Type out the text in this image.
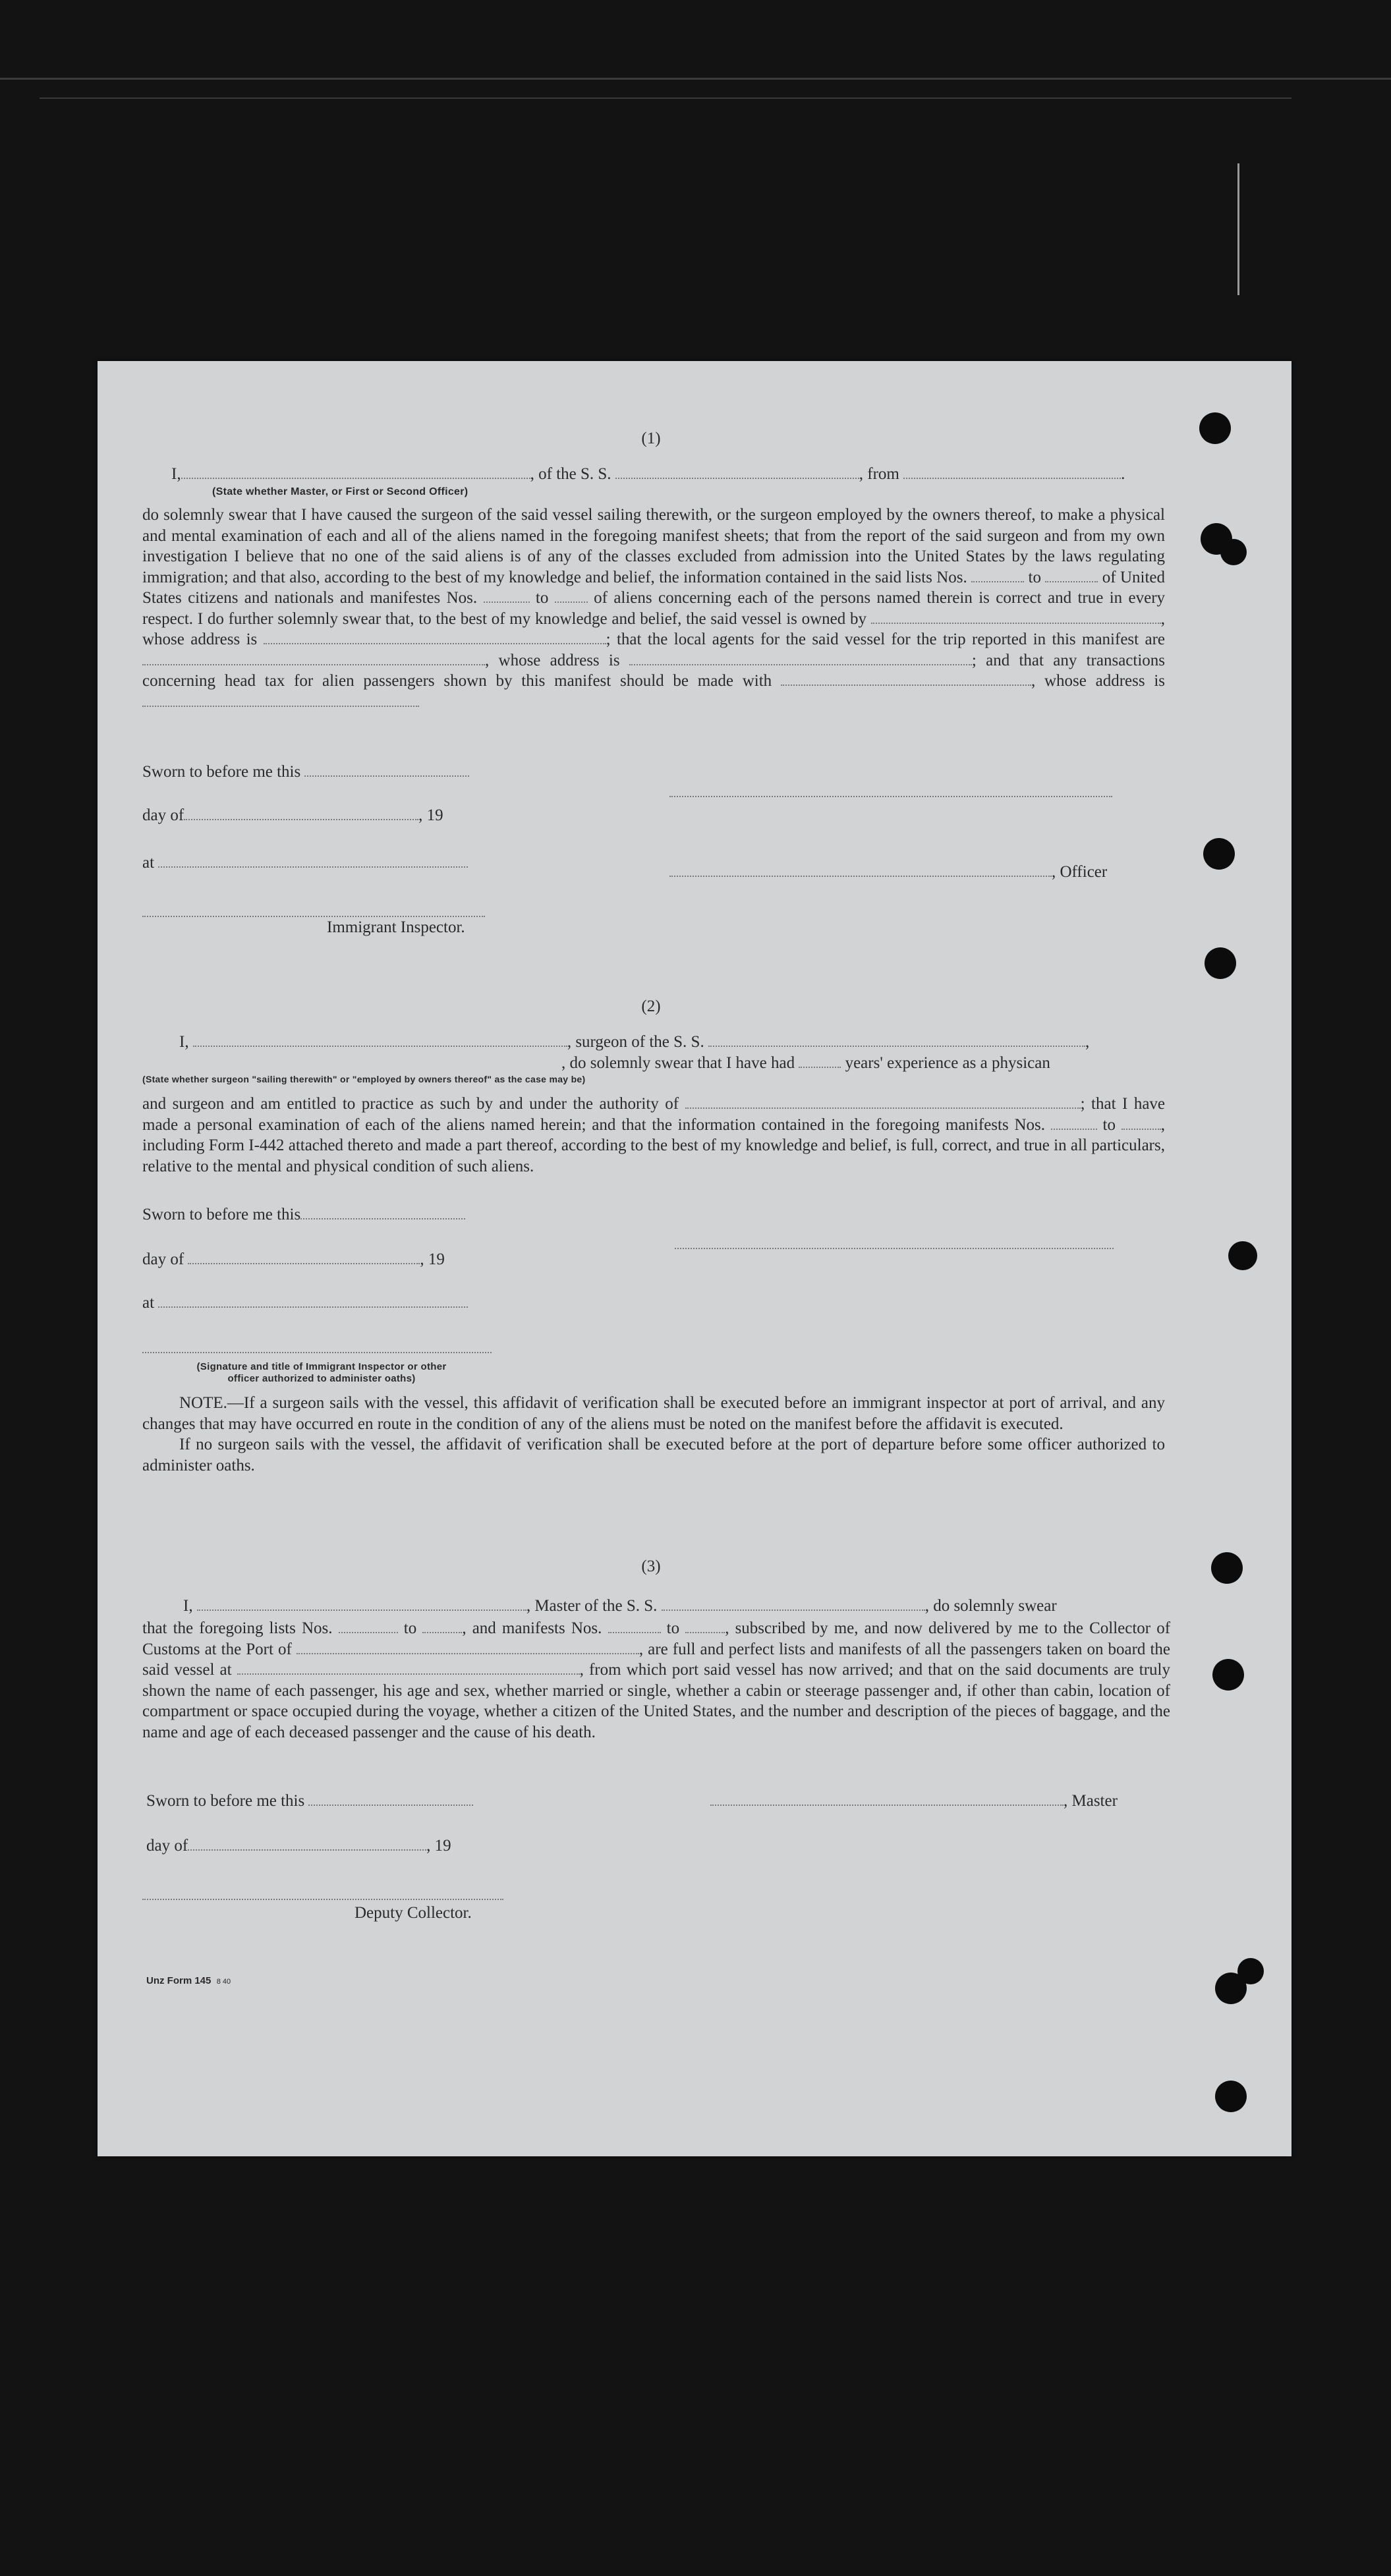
(1)
I,	, of the S. S.	, from	.
(State whether Master, or First or Second Officer)

do solemnly swear that I have caused the surgeon of the said vessel sailing therewith, or the surgeon employed by the owners thereof, to make a physical and mental examination of each and all of the aliens named in the foregoing manifest sheets; that from the report of the said surgeon and from my own investigation I believe that no one of the said aliens is of any of the classes excluded from admission into the United States by the laws regulating immigration; and that also, according to the best of my knowledge and belief, the information contained in the said lists Nos.	to	of United States citizens and nationals and manifestes Nos.	to	of aliens concerning each of the persons named therein is correct and true in every respect. I do further solemnly swear that, to the best of my knowledge and belief, the said vessel is owned by	, whose address is	; that the local agents for the said vessel for the trip reported in this manifest are , whose address is	; and that any transactions concerning head tax for alien passengers shown by this manifest should be made with	, whose address is

Sworn to before me this
day of	, 19
at
, Officer
Immigrant Inspector.
(2)
I,	, surgeon of the S. S.	,
, do solemnly swear that I have had	years' experience as a physican
(State whether surgeon "sailing therewith" or "employed by owners thereof" as the case may be)

and surgeon and am entitled to practice as such by and under the authority of	; that I have made a personal examination of each of the aliens named herein; and that the information contained in the foregoing manifests Nos.	to	, including Form I-442 attached thereto and made a part thereof, according to the best of my knowledge and belief, is full, correct, and true in all particulars, relative to the mental and physical condition of such aliens.

Sworn to before me this
day of	, 19
at
(Signature and title of Immigrant Inspector or other
officer authorized to administer oaths)

NOTE.—If a surgeon sails with the vessel, this affidavit of verification shall be executed before an immigrant inspector at port of arrival, and any changes that may have occurred en route in the condition of any of the aliens must be noted on the manifest before the affidavit is executed.

If no surgeon sails with the vessel, the affidavit of verification shall be executed before at the port of departure before some officer authorized to administer oaths.

(3)
I,	, Master of the S. S.	, do solemnly swear

that the foregoing lists Nos.	to	, and manifests Nos.	to	, subscribed by me, and now delivered by me to the Collector of Customs at the Port of	, are full and perfect lists and manifests of all the passengers taken on board the said vessel at	, from which port said vessel has now arrived; and that on the said documents are truly shown the name of each passenger, his age and sex, whether married or single, whether a cabin or steerage passenger and, if other than cabin, location of compartment or space occupied during the voyage, whether a citizen of the United States, and the number and description of the pieces of baggage, and the name and age of each deceased passenger and the cause of his death.

Sworn to before me this	, Master
day of	, 19
Deputy Collector.
Unz Form 145 8 40
